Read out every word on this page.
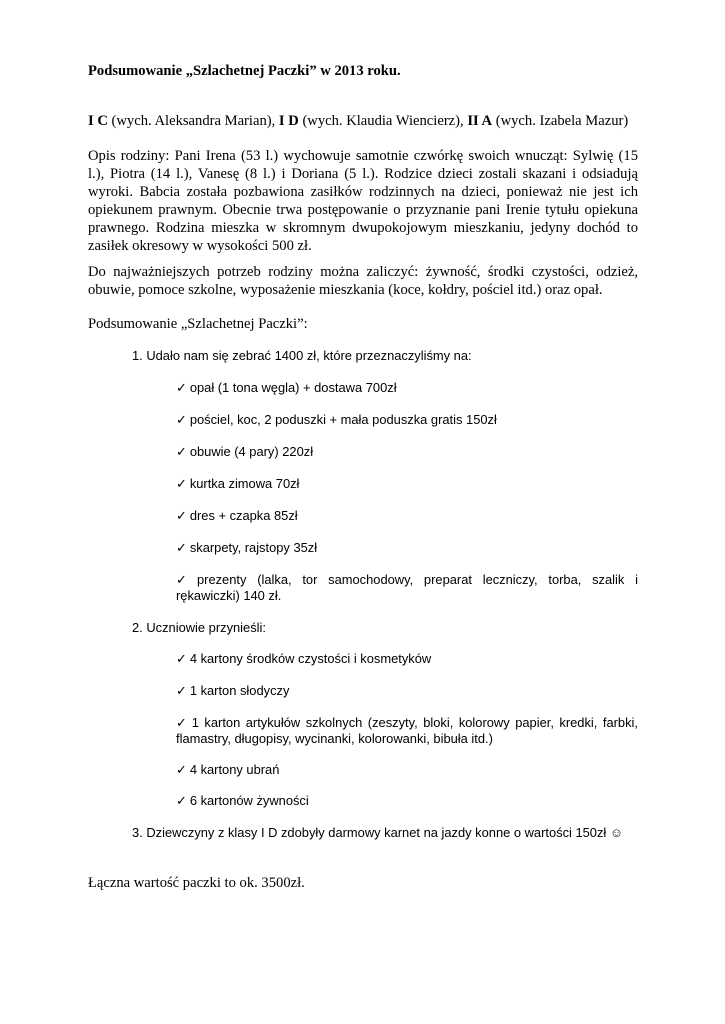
Podsumowanie „Szlachetnej Paczki” w 2013 roku.
I C (wych. Aleksandra Marian), I D (wych. Klaudia Wiencierz), II A (wych. Izabela Mazur)
Opis rodziny: Pani Irena (53 l.) wychowuje samotnie czwórkę swoich wnucząt: Sylwię (15 l.), Piotra (14 l.), Vanesę (8 l.) i Doriana (5 l.). Rodzice dzieci zostali skazani i odsiadują wyroki. Babcia została pozbawiona zasiłków rodzinnych na dzieci, ponieważ nie jest ich opiekunem prawnym. Obecnie trwa postępowanie o przyznanie pani Irenie tytułu opiekuna prawnego. Rodzina mieszka w skromnym dwupokojowym mieszkaniu, jedyny dochód to zasiłek okresowy w wysokości 500 zł.
Do najważniejszych potrzeb rodziny można zaliczyć: żywność, środki czystości, odzież, obuwie, pomoce szkolne, wyposażenie mieszkania (koce, kołdry, pościel itd.) oraz opał.
Podsumowanie „Szlachetnej Paczki”:
1. Udało nam się zebrać 1400 zł, które przeznaczyliśmy na:
✓ opał (1 tona węgla) + dostawa 700zł
✓ pościel, koc, 2 poduszki + mała poduszka gratis 150zł
✓ obuwie (4 pary) 220zł
✓ kurtka zimowa 70zł
✓ dres + czapka 85zł
✓ skarpety, rajstopy 35zł
✓ prezenty (lalka, tor samochodowy, preparat leczniczy, torba, szalik i rękawiczki) 140 zł.
2. Uczniowie przynieśli:
✓ 4 kartony środków czystości i kosmetyków
✓ 1 karton słodyczy
✓ 1 karton artykułów szkolnych (zeszyty, bloki, kolorowy papier, kredki, farbki, flamastry, długopisy, wycinanki, kolorowanki, bibuła itd.)
✓ 4 kartony ubrań
✓ 6 kartonów żywności
3. Dziewczyny z klasy I D zdobyły darmowy karnet na jazdy konne o wartości 150zł ☺
Łączna wartość paczki to ok. 3500zł.
